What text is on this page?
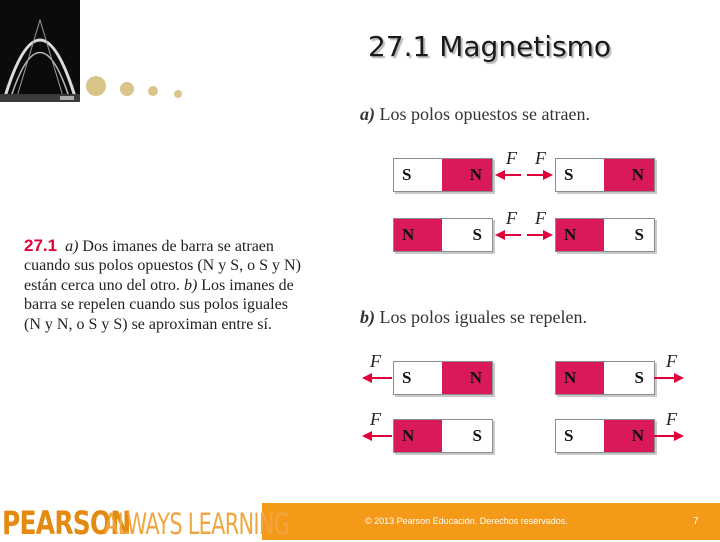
27.1 Magnetismo
a) Los polos opuestos se atraen.
b) Los polos iguales se repelen.
27.1 a) Dos imanes de barra se atraen
cuando sus polos opuestos (N y S, o S y N)
están cerca uno del otro. b) Los imanes de
barra se repelen cuando sus polos iguales
(N y N, o S y S) se aproximan entre sí.
S	N	S	N
F F
N	S	N	S
F F
S	N	N	S
F	F
N	S	S	N
F	F
PEARSON
ALWAYS LEARNING	© 2013 Pearson Educación. Derechos reservados.	7
